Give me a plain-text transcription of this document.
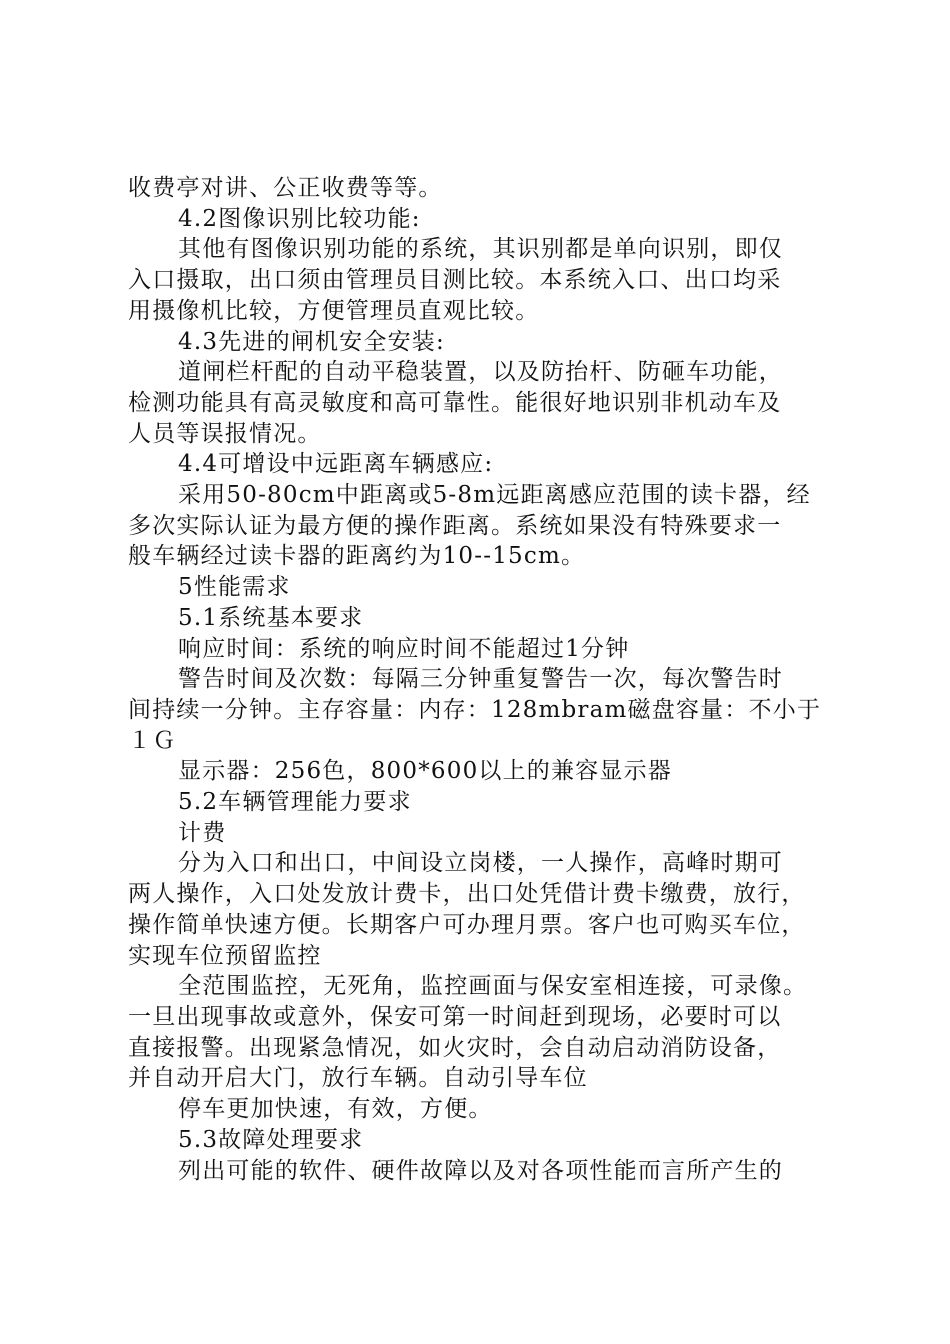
收费亭对讲、公正收费等等。
4.2图像识别比较功能:
其他有图像识别功能的系统，其识别都是单向识别，即仅
入口摄取，出口须由管理员目测比较。本系统入口、出口均采
用摄像机比较，方便管理员直观比较。
4.3先进的闸机安全安装:
道闸栏杆配的自动平稳装置，以及防抬杆、防砸车功能，
检测功能具有高灵敏度和高可靠性。能很好地识别非机动车及
人员等误报情况。
4.4可增设中远距离车辆感应:
采用50-80cm中距离或5-8m远距离感应范围的读卡器，经
多次实际认证为最方便的操作距离。系统如果没有特殊要求一
般车辆经过读卡器的距离约为10--15cm。
5性能需求
5.1系统基本要求
响应时间：系统的响应时间不能超过1分钟
警告时间及次数：每隔三分钟重复警告一次，每次警告时
间持续一分钟。主存容量：内存：128mbram磁盘容量：不小于
１Ｇ
显示器：256色，800*600以上的兼容显示器
5.2车辆管理能力要求
计费
分为入口和出口，中间设立岗楼，一人操作，高峰时期可
两人操作，入口处发放计费卡，出口处凭借计费卡缴费，放行，
操作简单快速方便。长期客户可办理月票。客户也可购买车位，
实现车位预留监控
全范围监控，无死角，监控画面与保安室相连接，可录像。
一旦出现事故或意外，保安可第一时间赶到现场，必要时可以
直接报警。出现紧急情况，如火灾时，会自动启动消防设备，
并自动开启大门，放行车辆。自动引导车位
停车更加快速，有效，方便。
5.3故障处理要求
列出可能的软件、硬件故障以及对各项性能而言所产生的
